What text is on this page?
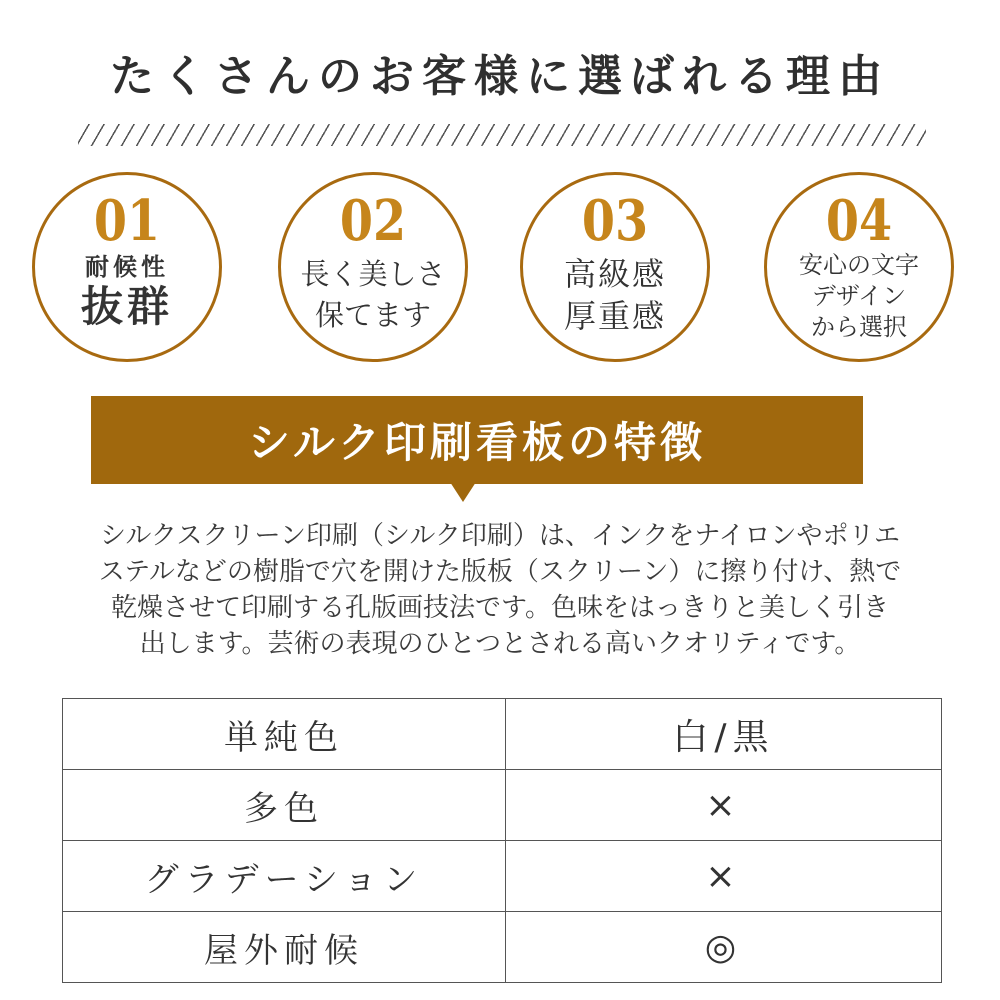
たくさんのお客様に選ばれる理由
01
耐候性
抜群
02
長く美しさ
保てます
03
高級感
厚重感
04
安心の文字
デザイン
から選択
シルク印刷看板の特徴
シルクスクリーン印刷（シルク印刷）は、インクをナイロンやポリエ
ステルなどの樹脂で穴を開けた版板（スクリーン）に擦り付け、熱で
乾燥させて印刷する孔版画技法です。色味をはっきりと美しく引き
出します。芸術の表現のひとつとされる高いクオリティです。
単純色	白/黒
多色	×
グラデーション	×
屋外耐候	◎
